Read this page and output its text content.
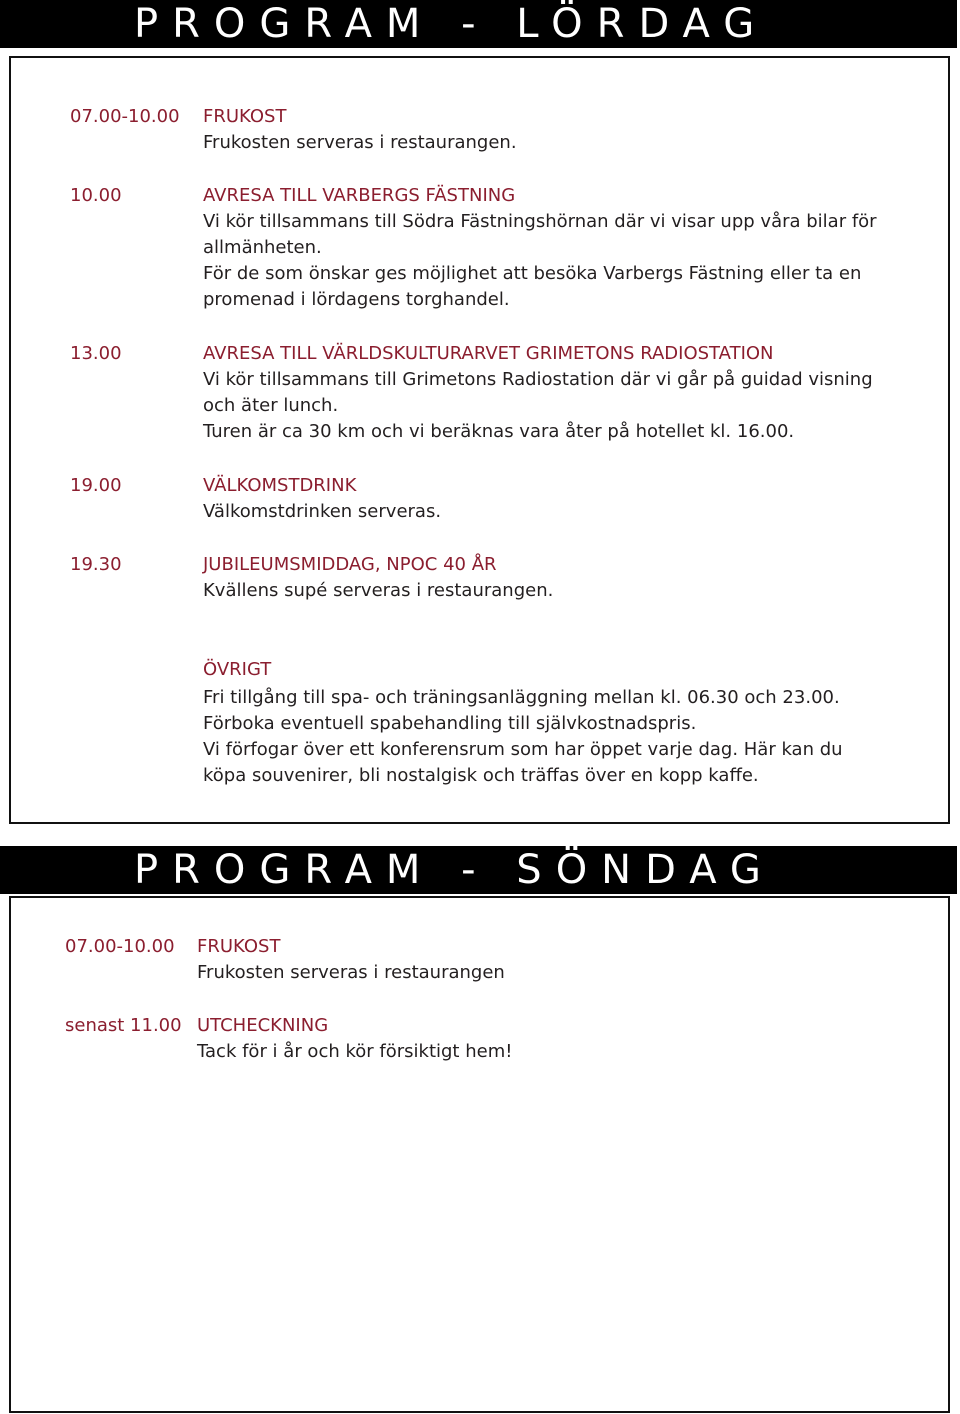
PROGRAM - LÖRDAG
07.00-10.00 FRUKOST
Frukosten serveras i restaurangen.
10.00	AVRESA TILL VARBERGS FÄSTNING
Vi kör tillsammans till Södra Fästningshörnan där vi visar upp våra bilar för
allmänheten.
För de som önskar ges möjlighet att besöka Varbergs Fästning eller ta en
promenad i lördagens torghandel.
13.00	AVRESA TILL VÄRLDSKULTURARVET GRIMETONS RADIOSTATION
Vi kör tillsammans till Grimetons Radiostation där vi går på guidad visning
och äter lunch.
Turen är ca 30 km och vi beräknas vara åter på hotellet kl. 16.00.
19.00	VÄLKOMSTDRINK
Välkomstdrinken serveras.
19.30	JUBILEUMSMIDDAG, NPOC 40 ÅR
Kvällens supé serveras i restaurangen.
ÖVRIGT
Fri tillgång till spa- och träningsanläggning mellan kl. 06.30 och 23.00.
Förboka eventuell spabehandling till självkostnadspris.
Vi förfogar över ett konferensrum som har öppet varje dag. Här kan du
köpa souvenirer, bli nostalgisk och träffas över en kopp kaffe.
PROGRAM - SÖNDAG
07.00-10.00 FRUKOST
Frukosten serveras i restaurangen
senast 11.00 UTCHECKNING
Tack för i år och kör försiktigt hem!
